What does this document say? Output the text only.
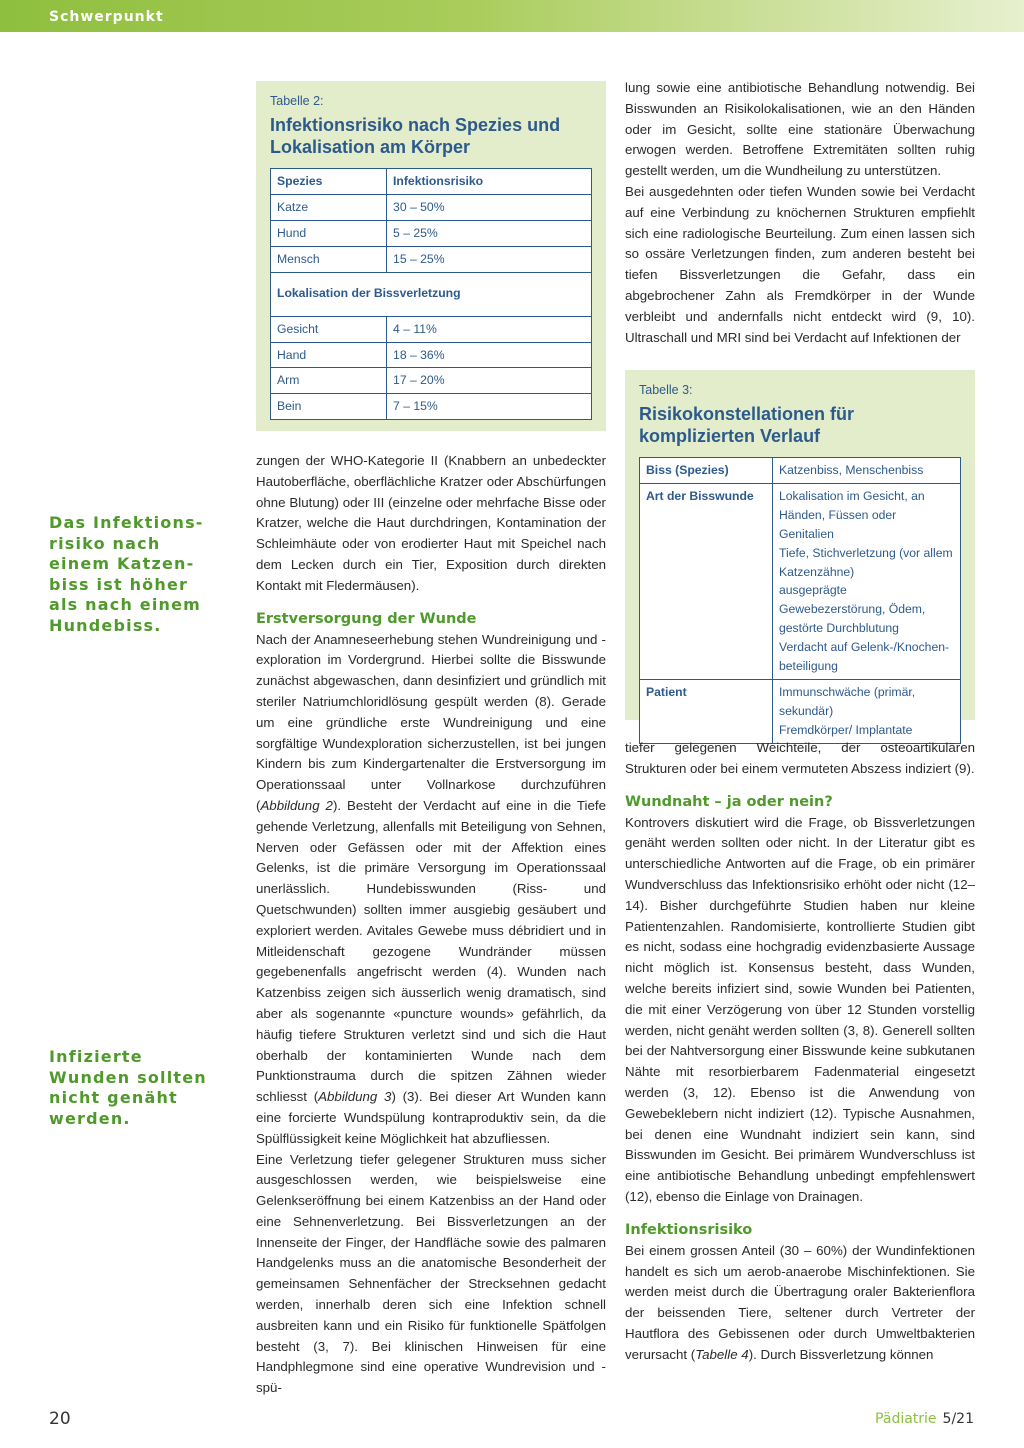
Schwerpunkt
Das Infektions-
risiko nach
einem Katzen-
biss ist höher
als nach einem
Hundebiss.
Infizierte
Wunden sollten
nicht genäht
werden.
Tabelle 2:
Infektionsrisiko nach Spezies und Lokalisation am Körper
Spezies	Infektionsrisiko
Katze	30 – 50%
Hund	5 – 25%
Mensch	15 – 25%
Lokalisation der Bissverletzung	
Gesicht	4 – 11%
Hand	18 – 36%
Arm	17 – 20%
Bein	7 – 15%
Tabelle 3:
Risikokonstellationen für komplizierten Verlauf
Biss (Spezies)	Katzenbiss, Menschenbiss
Art der Bisswunde	Lokalisation im Gesicht, an Händen, Füssen oder Genitalien
Tiefe, Stichverletzung (vor allem Katzenzähne)
ausgeprägte Gewebezerstörung, Ödem, gestörte Durchblutung
Verdacht auf Gelenk-/Knochenbeteiligung
Patient	Immunschwäche (primär, sekundär)
Fremdkörper/ Implantate

zungen der WHO-Kategorie II (Knabbern an unbedeckter Hautoberfläche, oberflächliche Kratzer oder Abschürfungen ohne Blutung) oder III (einzelne oder mehrfache Bisse oder Kratzer, welche die Haut durchdringen, Kontamination der Schleimhäute oder von erodierter Haut mit Speichel nach dem Lecken durch ein Tier, Exposition durch direkten Kontakt mit Fledermäusen).

Erstversorgung der Wunde

Nach der Anamneseerhebung stehen Wundreinigung und -exploration im Vordergrund. Hierbei sollte die Bisswunde zunächst abgewaschen, dann desinfiziert und gründlich mit steriler Natriumchloridlösung gespült werden (8). Gerade um eine gründliche erste Wundreinigung und eine sorgfältige Wundexploration sicherzustellen, ist bei jungen Kindern bis zum Kindergartenalter die Erstversorgung im Operationssaal unter Vollnarkose durchzuführen (Abbildung 2). Besteht der Verdacht auf eine in die Tiefe gehende Verletzung, allenfalls mit Beteiligung von Sehnen, Nerven oder Gefässen oder mit der Affektion eines Gelenks, ist die primäre Versorgung im Operationssaal unerlässlich. Hundebisswunden (Riss- und Quetschwunden) sollten immer ausgiebig gesäubert und exploriert werden. Avitales Gewebe muss débridiert und in Mitleidenschaft gezogene Wundränder müssen gegebenenfalls angefrischt werden (4). Wunden nach Katzenbiss zeigen sich äusserlich wenig dramatisch, sind aber als sogenannte «puncture wounds» gefährlich, da häufig tiefere Strukturen verletzt sind und sich die Haut oberhalb der kontaminierten Wunde nach dem Punktionstrauma durch die spitzen Zähnen wieder schliesst (Abbildung 3) (3). Bei dieser Art Wunden kann eine forcierte Wundspülung kontraproduktiv sein, da die Spülflüssigkeit keine Möglichkeit hat abzufliessen.

Eine Verletzung tiefer gelegener Strukturen muss sicher ausgeschlossen werden, wie beispielsweise eine Gelenkseröffnung bei einem Katzenbiss an der Hand oder eine Sehnenverletzung. Bei Bissverletzungen an der Innenseite der Finger, der Handfläche sowie des palmaren Handgelenks muss an die anatomische Besonderheit der gemeinsamen Sehnenfächer der Strecksehnen gedacht werden, innerhalb deren sich eine Infektion schnell ausbreiten kann und ein Risiko für funktionelle Spätfolgen besteht (3, 7). Bei klinischen Hinweisen für eine Handphlegmone sind eine operative Wundrevision und -spü-

lung sowie eine antibiotische Behandlung notwendig. Bei Bisswunden an Risikolokalisationen, wie an den Händen oder im Gesicht, sollte eine stationäre Überwachung erwogen werden. Betroffene Extremitäten sollten ruhig gestellt werden, um die Wundheilung zu unterstützen.

Bei ausgedehnten oder tiefen Wunden sowie bei Verdacht auf eine Verbindung zu knöchernen Strukturen empfiehlt sich eine radiologische Beurteilung. Zum einen lassen sich so ossäre Verletzungen finden, zum anderen besteht bei tiefen Bissverletzungen die Gefahr, dass ein abgebrochener Zahn als Fremdkörper in der Wunde verbleibt und andernfalls nicht entdeckt wird (9, 10). Ultraschall und MRI sind bei Verdacht auf Infektionen der

tiefer gelegenen Weichteile, der osteoartikulären Strukturen oder bei einem vermuteten Abszess indiziert (9).

Wundnaht – ja oder nein?

Kontrovers diskutiert wird die Frage, ob Bissverletzungen genäht werden sollten oder nicht. In der Literatur gibt es unterschiedliche Antworten auf die Frage, ob ein primärer Wundverschluss das Infektionsrisiko erhöht oder nicht (12–14). Bisher durchgeführte Studien haben nur kleine Patientenzahlen. Randomisierte, kontrollierte Studien gibt es nicht, sodass eine hochgradig evidenzbasierte Aussage nicht möglich ist. Konsensus besteht, dass Wunden, welche bereits infiziert sind, sowie Wunden bei Patienten, die mit einer Verzögerung von über 12 Stunden vorstellig werden, nicht genäht werden sollten (3, 8). Generell sollten bei der Nahtversorgung einer Bisswunde keine subkutanen Nähte mit resorbierbarem Fadenmaterial eingesetzt werden (3, 12). Ebenso ist die Anwendung von Gewebeklebern nicht indiziert (12). Typische Ausnahmen, bei denen eine Wundnaht indiziert sein kann, sind Bisswunden im Gesicht. Bei primärem Wundverschluss ist eine antibiotische Behandlung unbedingt empfehlenswert (12), ebenso die Einlage von Drainagen.

Infektionsrisiko

Bei einem grossen Anteil (30 – 60%) der Wundinfektionen handelt es sich um aerob-anaerobe Mischinfektionen. Sie werden meist durch die Übertragung oraler Bakterienflora der beissenden Tiere, seltener durch Vertreter der Hautflora des Gebissenen oder durch Umweltbakterien verursacht (Tabelle 4). Durch Bissverletzung können

20	Pädiatrie 5/21
